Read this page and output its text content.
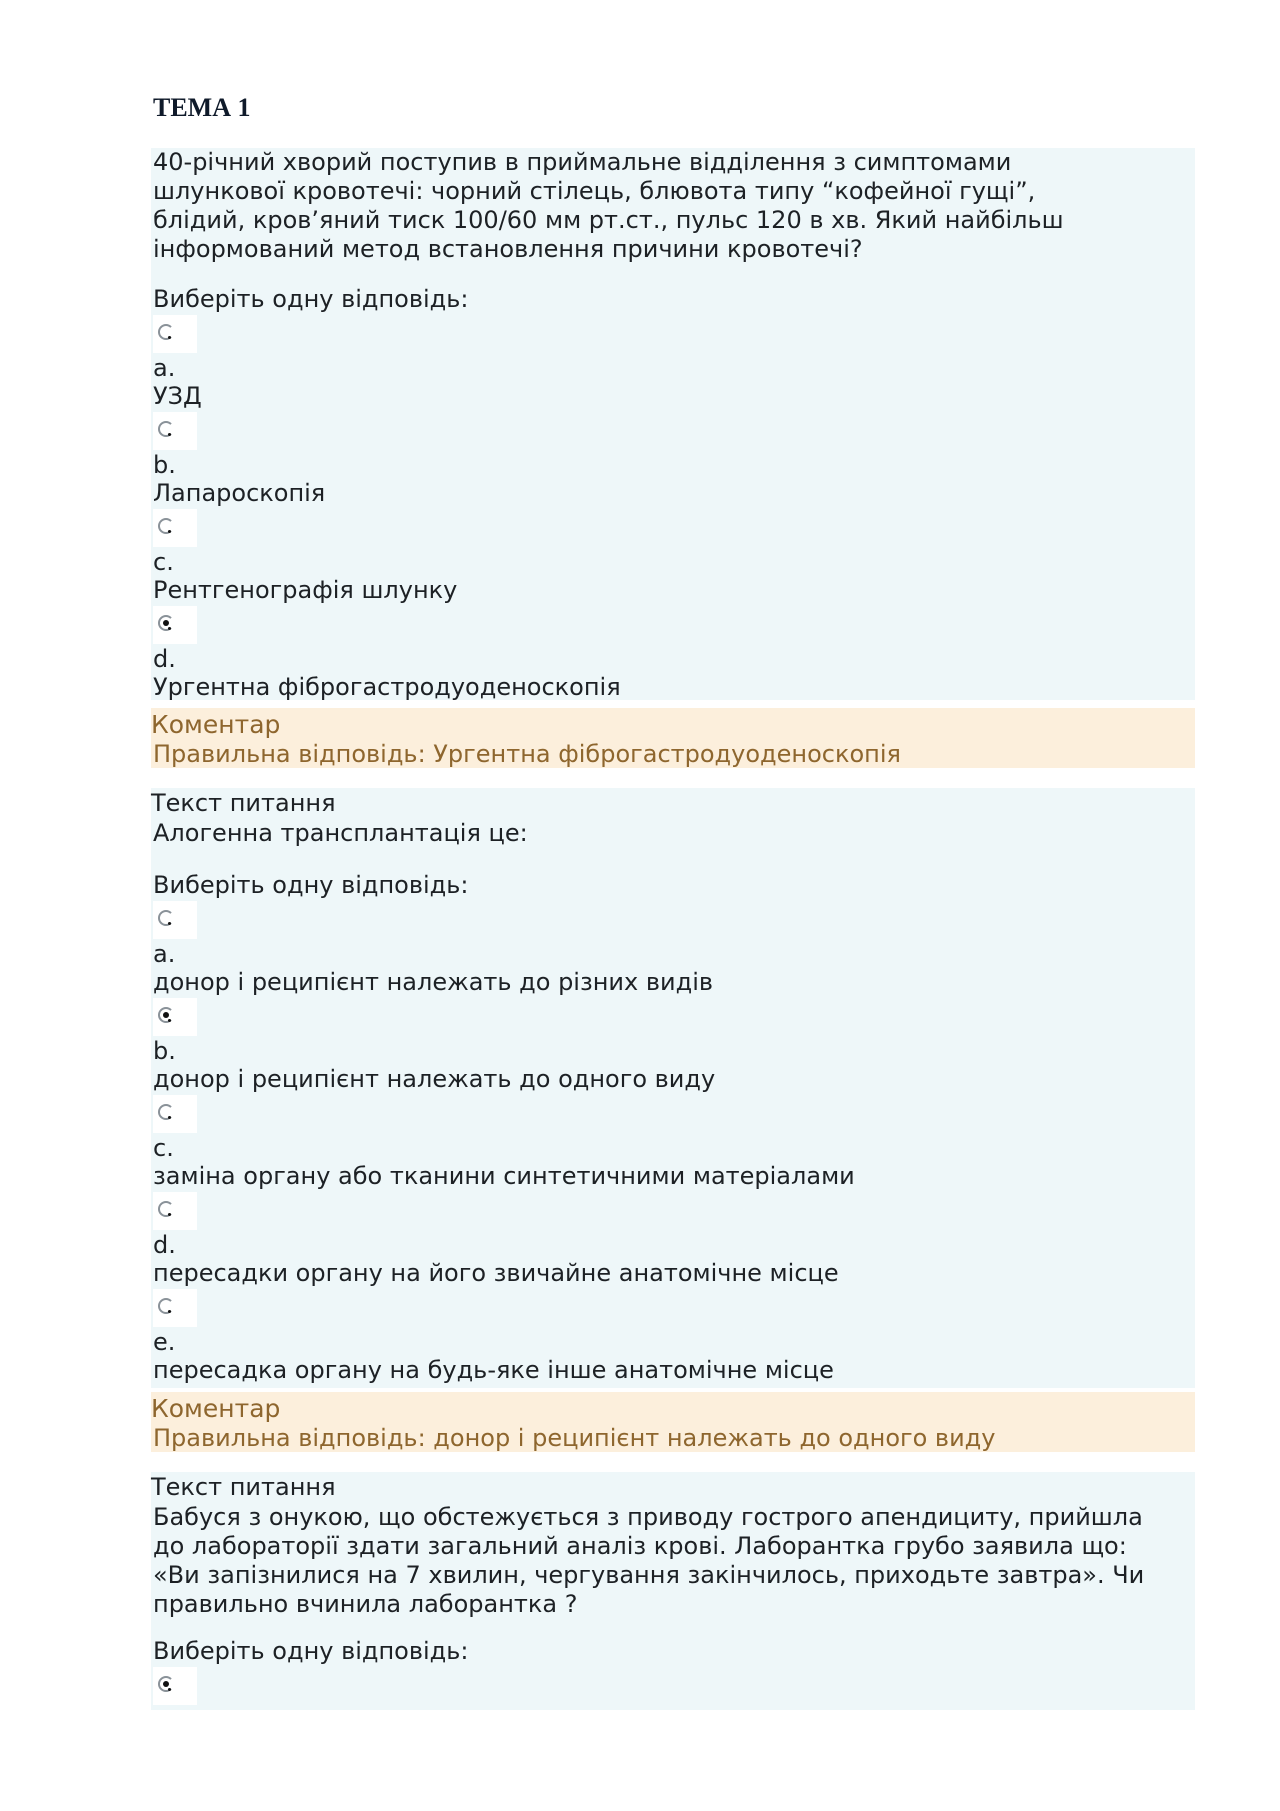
ТЕМА 1

40-річний хворий поступив в приймальне відділення з симптомами

шлункової кровотечі: чорний стілець, блювота типу “кофейної гущі”,

блідий, кров’яний тиск 100/60 мм рт.ст., пульс 120 в хв. Який найбільш

інформований метод встановлення причини кровотечі?

Виберіть одну відповідь:
a.
УЗД
b.
Лапароскопія
c.
Рентгенографія шлунку
d.
Ургентна фіброгастродуоденоскопія
Коментар
Правильна відповідь: Ургентна фіброгастродуоденоскопія
Текст питання

Алогенна трансплантація це:

Виберіть одну відповідь:
a.
донор і реципієнт належать до різних видів
b.
донор і реципієнт належать до одного виду
c.
заміна органу або тканини синтетичними матеріалами
d.
пересадки органу на його звичайне анатомічне місце
e.
пересадка органу на будь-яке інше анатомічне місце
Коментар
Правильна відповідь: донор і реципієнт належать до одного виду
Текст питання

Бабуся з онукою, що обстежується з приводу гострого апендициту, прийшла

до лабораторії здати загальний аналіз крові. Лаборантка грубо заявила що:

«Ви запізнилися на 7 хвилин, чергування закінчилось, приходьте завтра». Чи

правильно вчинила лаборантка ?

Виберіть одну відповідь:
